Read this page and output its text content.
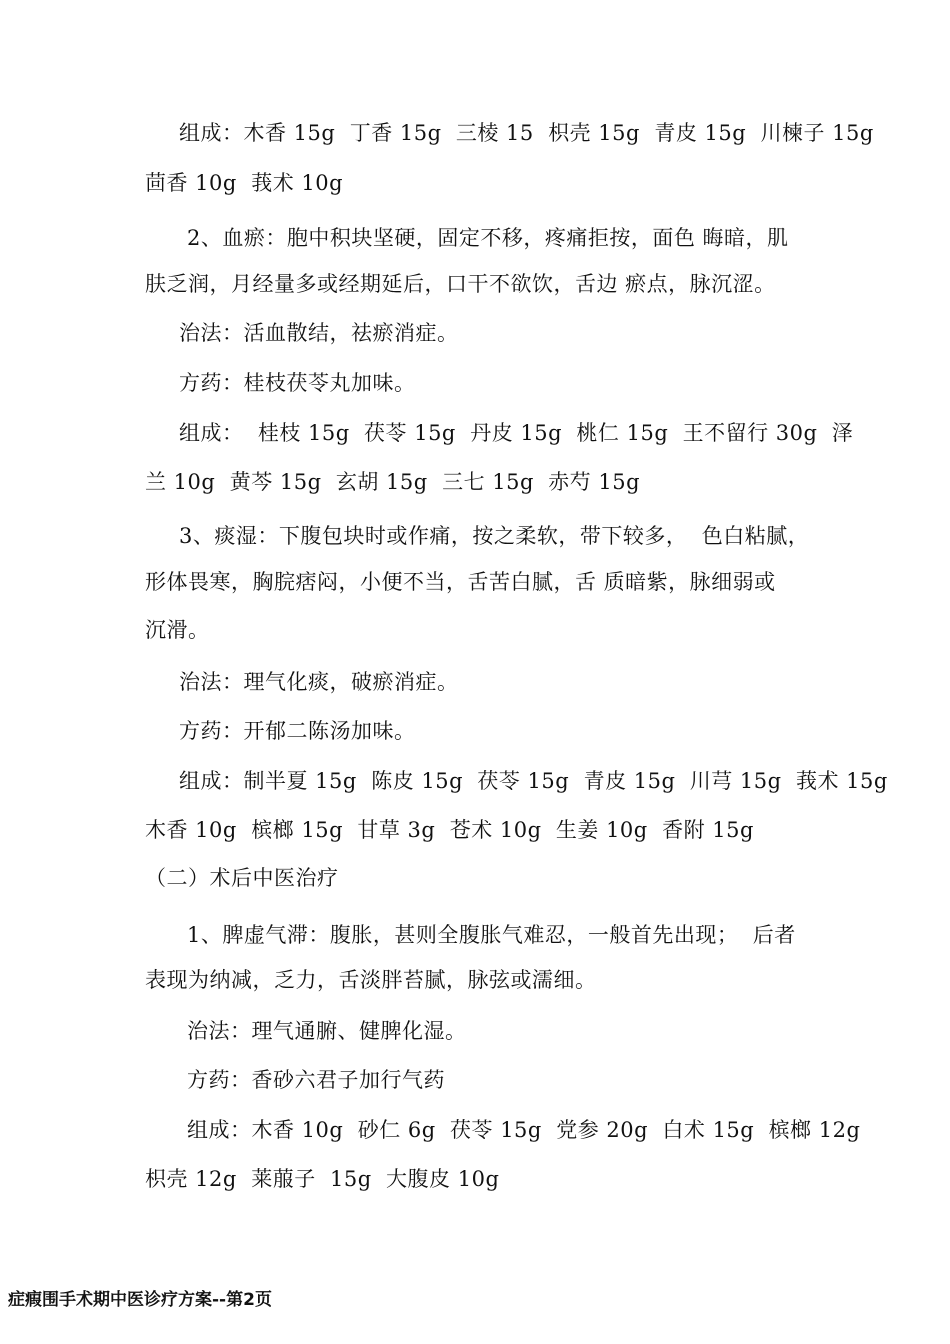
组成：木香 15g  丁香 15g  三棱 15  枳壳 15g  青皮 15g  川楝子 15g
茴香 10g  莪术 10g
2、血瘀：胞中积块坚硬，固定不移，疼痛拒按，面色 晦暗，肌
肤乏润，月经量多或经期延后，口干不欲饮，舌边 瘀点，脉沉涩。
治法：活血散结，祛瘀消症。
方药：桂枝茯苓丸加味。
组成：  桂枝 15g  茯苓 15g  丹皮 15g  桃仁 15g  王不留行 30g  泽
兰 10g  黄芩 15g  玄胡 15g  三七 15g  赤芍 15g
3、痰湿：下腹包块时或作痛，按之柔软，带下较多，  色白粘腻，
形体畏寒，胸脘痞闷，小便不当，舌苦白腻，舌 质暗紫，脉细弱或
沉滑。
治法：理气化痰，破瘀消症。
方药：开郁二陈汤加味。
组成：制半夏 15g  陈皮 15g  茯苓 15g  青皮 15g  川芎 15g  莪术 15g
木香 10g  槟榔 15g  甘草 3g  苍术 10g  生姜 10g  香附 15g
（二）术后中医治疗
1、脾虚气滞：腹胀，甚则全腹胀气难忍，一般首先出现；  后者
表现为纳减，乏力，舌淡胖苔腻，脉弦或濡细。
治法：理气通腑、健脾化湿。
方药：香砂六君子加行气药
组成：木香 10g  砂仁 6g  茯苓 15g  党参 20g  白术 15g  槟榔 12g
枳壳 12g  莱菔子  15g  大腹皮 10g
症瘕围手术期中医诊疗方案--第2页
